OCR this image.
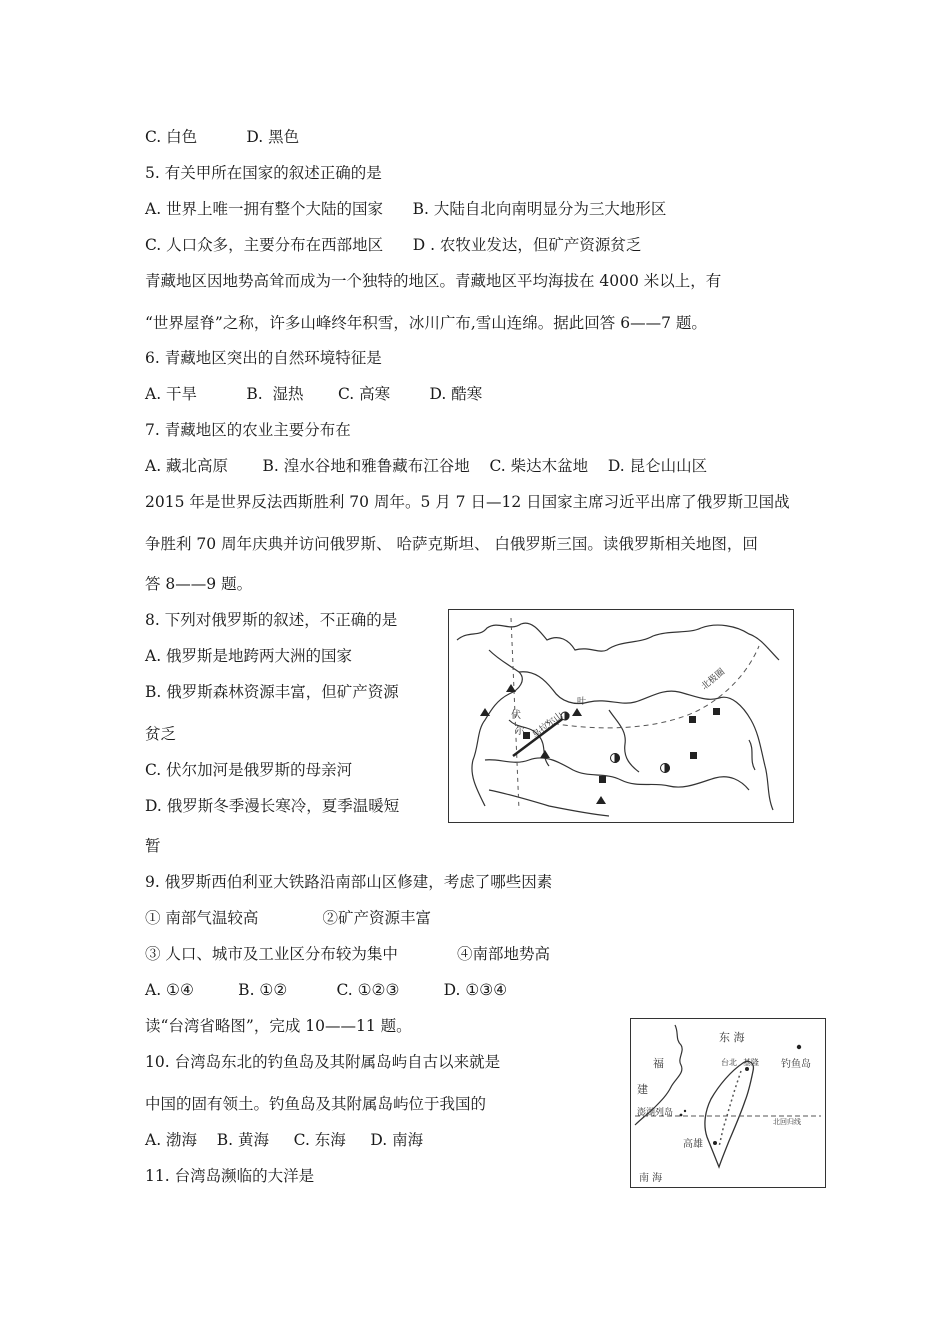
C. 白色          D. 黑色
5. 有关甲所在国家的叙述正确的是
A. 世界上唯一拥有整个大陆的国家      B. 大陆自北向南明显分为三大地形区
C. 人口众多，主要分布在西部地区      D . 农牧业发达，但矿产资源贫乏
青藏地区因地势高耸而成为一个独特的地区。青藏地区平均海拔在 4000 米以上，有
“世界屋脊”之称，许多山峰终年积雪，冰川广布,雪山连绵。据此回答 6——7 题。
6. 青藏地区突出的自然环境特征是
A. 干旱          B.  湿热       C. 高寒        D. 酷寒
7. 青藏地区的农业主要分布在
A. 藏北高原       B. 湟水谷地和雅鲁藏布江谷地    C. 柴达木盆地    D. 昆仑山山区
2015 年是世界反法西斯胜利 70 周年。5 月 7 日—12 日国家主席习近平出席了俄罗斯卫国战
争胜利 70 周年庆典并访问俄罗斯、 哈萨克斯坦、 白俄罗斯三国。读俄罗斯相关地图，回
答 8——9 题。
8. 下列对俄罗斯的叙述，不正确的是
A. 俄罗斯是地跨两大洲的国家
B. 俄罗斯森林资源丰富，但矿产资源
贫乏
C. 伏尔加河是俄罗斯的母亲河
D. 俄罗斯冬季漫长寒冷，夏季温暖短
暂
9. 俄罗斯西伯利亚大铁路沿南部山区修建，考虑了哪些因素
① 南部气温较高             ②矿产资源丰富
③ 人口、城市及工业区分布较为集中            ④南部地势高
A. ①④         B. ①②          C. ①②③         D. ①③④
读“台湾省略图”，完成 10——11 题。
10. 台湾岛东北的钓鱼岛及其附属岛屿自古以来就是
中国的固有领土。钓鱼岛及其附属岛屿位于我国的
A. 渤海    B. 黄海     C. 东海     D. 南海
11. 台湾岛濒临的大洋是
北极圈
伏
尔 乌拉尔山
叶
东 海
钓鱼岛
福
建
台北 基隆
澎湖列岛
北回归线
高雄
南 海
